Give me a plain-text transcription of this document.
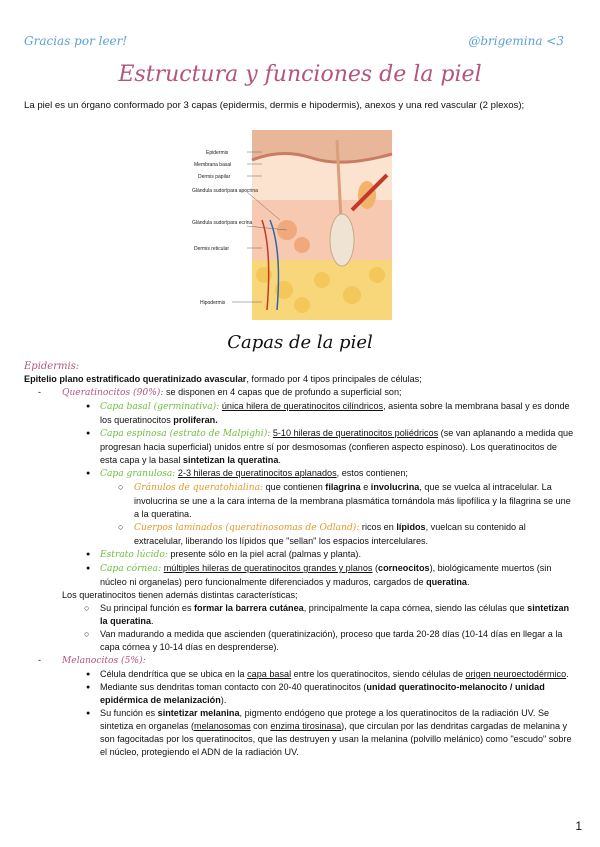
Gracias por leer!	@brigemina <3
Estructura y funciones de la piel
La piel es un órgano conformado por 3 capas (epidermis, dermis e hipodermis), anexos y una red vascular (2 plexos);
Epidermis Membrana basal Dermis papilar Glándula sudorípara apocrina Glándula sudorípara ecrina Dermis reticular Hipodermis
Capas de la piel
Epidermis:
Epitelio plano estratificado queratinizado avascular, formado por 4 tipos principales de células;
- Queratinocitos (90%): se disponen en 4 capas que de profundo a superficial son;
● Capa basal (germinativa): única hilera de queratinocitos cilíndricos, asienta sobre la membrana basal y es donde los queratinocitos proliferan.
● Capa espinosa (estrato de Malpighi): 5-10 hileras de queratinocitos poliédricos (se van aplanando a medida que progresan hacia superficial) unidos entre sí por desmosomas (confieren aspecto espinoso). Los queratinocitos de esta capa y la basal sintetizan la queratina.
● Capa granulosa: 2-3 hileras de queratinocitos aplanados, estos contienen;
○ Gránulos de queratohialina: que contienen filagrina e involucrina, que se vuelca al intracelular. La involucrina se une a la cara interna de la membrana plasmática tornándola más lipofílica y la filagrina se une a la queratina.
○ Cuerpos laminados (queratinosomas de Odland): ricos en lípidos, vuelcan su contenido al extracelular, liberando los lípidos que "sellan" los espacios intercelulares.
● Estrato lúcido: presente sólo en la piel acral (palmas y planta).
● Capa córnea: múltiples hileras de queratinocitos grandes y planos (corneocitos), biológicamente muertos (sin núcleo ni organelas) pero funcionalmente diferenciados y maduros, cargados de queratina.
Los queratinocitos tienen además distintas características;
○ Su principal función es formar la barrera cutánea, principalmente la capa córnea, siendo las células que sintetizan la queratina.
○ Van madurando a medida que ascienden (queratinización), proceso que tarda 20-28 días (10-14 días en llegar a la capa córnea y 10-14 días en desprenderse).
- Melanocitos (5%):
● Célula dendrítica que se ubica en la capa basal entre los queratinocitos, siendo células de origen neuroectodérmico.
● Mediante sus dendritas toman contacto con 20-40 queratinocitos (unidad queratinocito-melanocito / unidad epidérmica de melanización).
● Su función es sintetizar melanina, pigmento endógeno que protege a los queratinocitos de la radiación UV. Se sintetiza en organelas (melanosomas con enzima tirosinasa), que circulan por las dendritas cargadas de melanina y son fagocitadas por los queratinocitos, que las destruyen y usan la melanina (polvillo melánico) como "escudo" sobre el núcleo, protegiendo el ADN de la radiación UV.
1
